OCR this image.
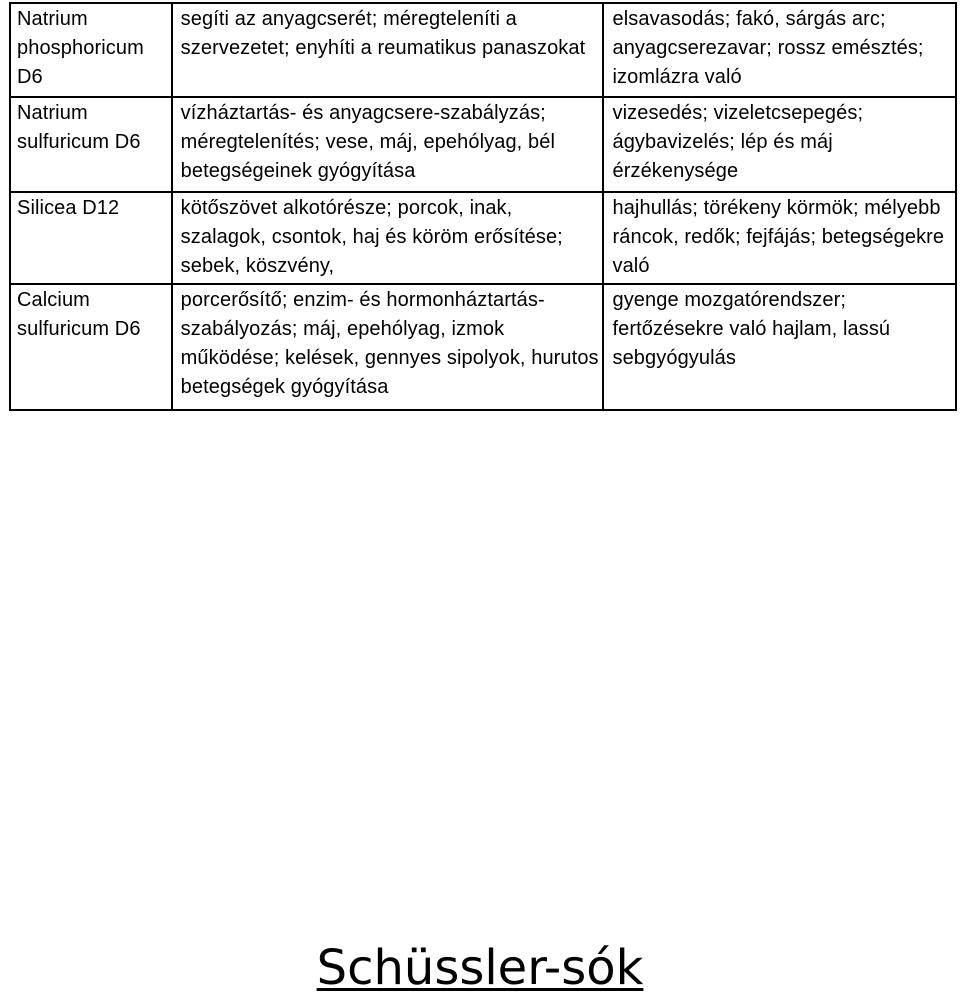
Natrium phosphoricum D6	segíti az anyagcserét; méregteleníti a szervezetet; enyhíti a reumatikus panaszokat	elsavasodás; fakó, sárgás arc; anyagcserezavar; rossz emésztés; izomlázra való

Natrium sulfuricum D6	vízháztartás- és anyagcsere-szabályzás; méregtelenítés; vese, máj, epehólyag, bél betegségeinek gyógyítása	vizesedés; vizeletcsepegés; ágybavizelés; lép és máj érzékenysége

Silicea D12	kötőszövet alkotórésze; porcok, inak, szalagok, csontok, haj és köröm erősítése; sebek, köszvény,	hajhullás; törékeny körmök; mélyebb ráncok, redők; fejfájás; betegségekre való

Calcium sulfuricum D6	porcerősítő; enzim- és hormonháztartás-szabályozás; máj, epehólyag, izmok működése; kelések, gennyes sipolyok, hurutos betegségek gyógyítása	gyenge mozgatórendszer; fertőzésekre való hajlam, lassú sebgyógyulás
Schüssler-sók
